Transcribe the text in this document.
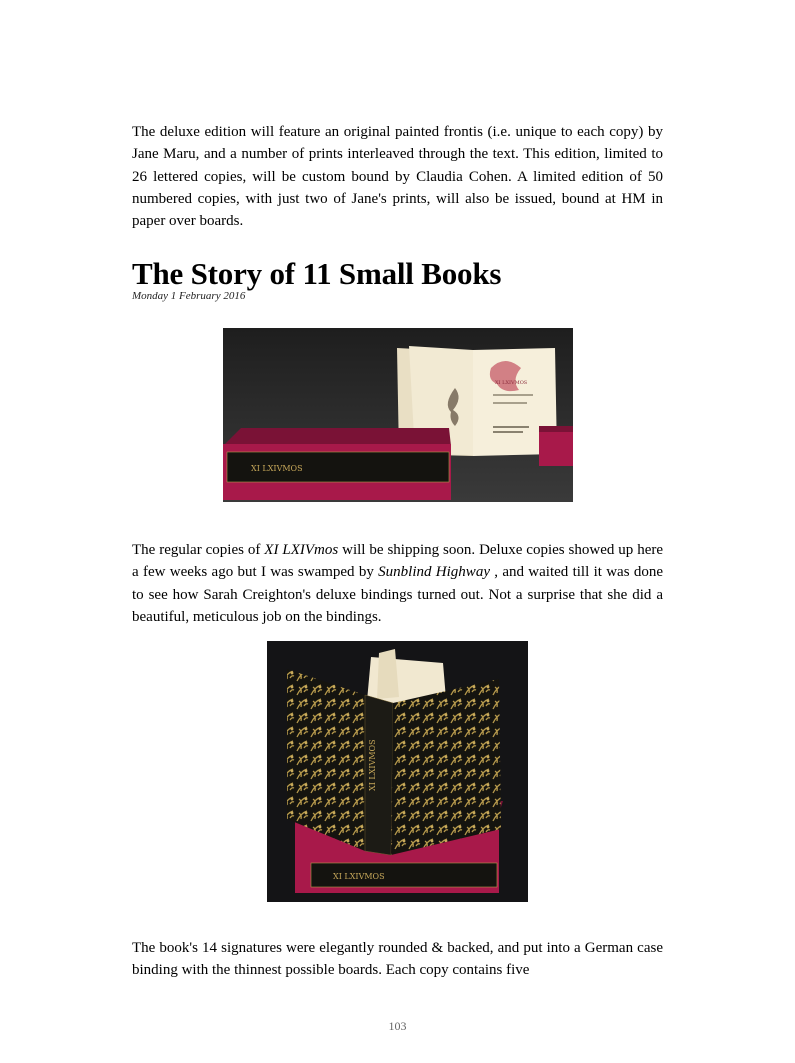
The deluxe edition will feature an original painted frontis (i.e. unique to each copy) by Jane Maru, and a number of prints interleaved through the text. This edition, limited to 26 lettered copies, will be custom bound by Claudia Cohen. A limited edition of 50 numbered copies, with just two of Jane's prints, will also be issued, bound at HM in paper over boards.

The Story of 11 Small Books
Monday 1 February 2016
XI LXIVMOS
XI LXIVMOS

The regular copies of XI LXIVmos will be shipping soon. Deluxe copies showed up here a few weeks ago but I was swamped by Sunblind Highway , and waited till it was done to see how Sarah Creighton's deluxe bindings turned out. Not a surprise that she did a beautiful, meticulous job on the bindings.

XI LXIVMOS
XI LXIVMOS

The book's 14 signatures were elegantly rounded & backed, and put into a German case binding with the thinnest possible boards. Each copy contains five

103
